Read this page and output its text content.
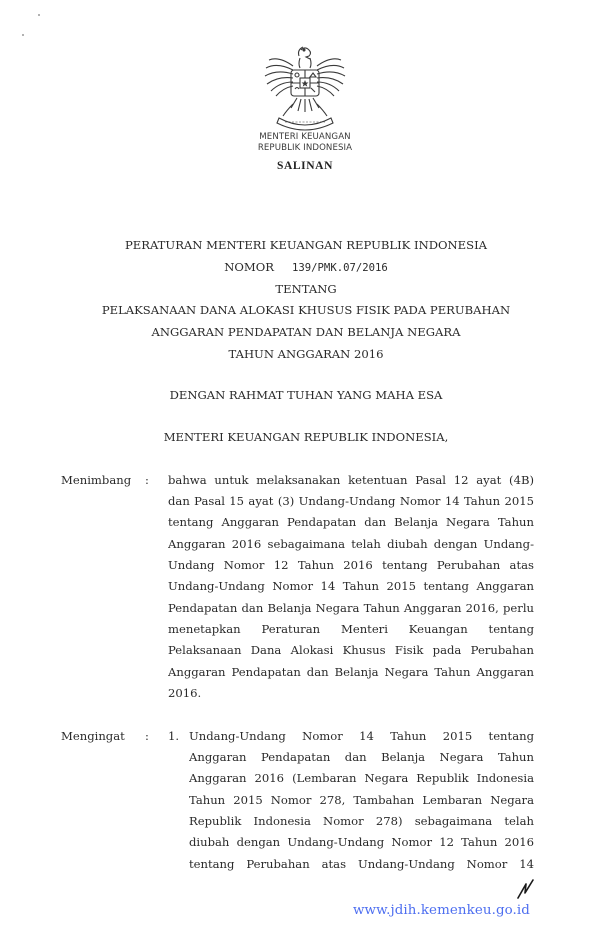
MENTERI KEUANGAN
REPUBLIK INDONESIA
SALINAN
PERATURAN MENTERI KEUANGAN REPUBLIK INDONESIA
NOMOR 139/PMK.07/2016
TENTANG
PELAKSANAAN DANA ALOKASI KHUSUS FISIK PADA PERUBAHAN
ANGGARAN PENDAPATAN DAN BELANJA NEGARA
TAHUN ANGGARAN 2016
DENGAN RAHMAT TUHAN YANG MAHA ESA
MENTERI KEUANGAN REPUBLIK INDONESIA,
Menimbang : bahwa untuk melaksanakan ketentuan Pasal 12 ayat (4B)
dan Pasal 15 ayat (3) Undang-Undang Nomor 14 Tahun 2015
tentang Anggaran Pendapatan dan Belanja Negara Tahun
Anggaran 2016 sebagaimana telah diubah dengan Undang-
Undang Nomor 12 Tahun 2016 tentang Perubahan atas
Undang-Undang Nomor 14 Tahun 2015 tentang Anggaran
Pendapatan dan Belanja Negara Tahun Anggaran 2016, perlu
menetapkan Peraturan Menteri Keuangan tentang
Pelaksanaan Dana Alokasi Khusus Fisik pada Perubahan
Anggaran Pendapatan dan Belanja Negara Tahun Anggaran
2016.
Mengingat : 1. Undang-Undang Nomor 14 Tahun 2015 tentang
Anggaran Pendapatan dan Belanja Negara Tahun
Anggaran 2016 (Lembaran Negara Republik Indonesia
Tahun 2015 Nomor 278, Tambahan Lembaran Negara
Republik Indonesia Nomor 278) sebagaimana telah
diubah dengan Undang-Undang Nomor 12 Tahun 2016
tentang Perubahan atas Undang-Undang Nomor 14
www.jdih.kemenkeu.go.id
